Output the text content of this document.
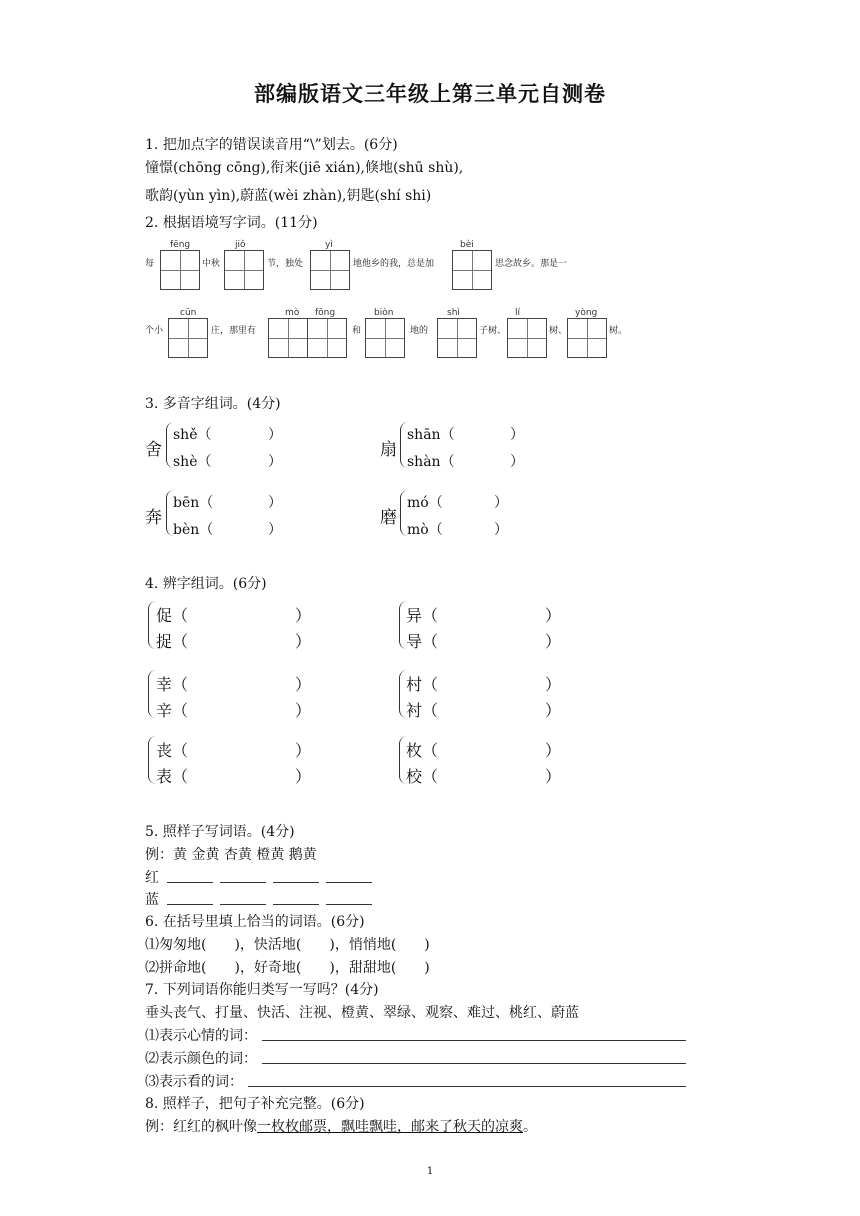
部编版语文三年级上第三单元自测卷
1. 把加点字的错误读音用“\”划去。(6分)
憧憬(chōng cōng),衔来(jiē xián),倏地(shū shù),
歌韵(yùn yìn),蔚蓝(wèi zhàn),钥匙(shí shi)
2. 根据语境写字词。(11分)
fēng	jiǒ	yì	bèi
每	中秋	节，独处	地他乡的我，总是加	思念故乡。那是一
cūn	mò fōng	biòn	shì	lí	yòng
个小	庄，那里有	和	地的	子树、	树、	树。
3. 多音字组词。(4分)
舍
shě（	）
shè（	）
扇
shān（	）
shàn（	）
奔
bēn（	）
bèn（	）
磨
mó（	）
mò（	）
4. 辨字组词。(6分)
促（	）
捉（	）
异（	）
导（	）
幸（	）
辛（	）
村（	）
衬（	）
丧（	）
表（	）
枚（	）
校（	）
5. 照样子写词语。(4分)
例：黄 金黄 杏黄 橙黄 鹅黄
红
蓝
6. 在括号里填上恰当的词语。(6分)
⑴匆匆地(　　)，快活地(　　)，悄悄地(　　)
⑵拼命地(　　)，好奇地(　　)，甜甜地(　　)
7. 下列词语你能归类写一写吗？(4分)
垂头丧气、打量、快活、注视、橙黄、翠绿、观察、难过、桃红、蔚蓝
⑴表示心情的词：
⑵表示颜色的词：
⑶表示看的词：
8. 照样子，把句子补充完整。(6分)
例：红红的枫叶像一枚枚邮票，飘哇飘哇，邮来了秋天的凉爽。
1
